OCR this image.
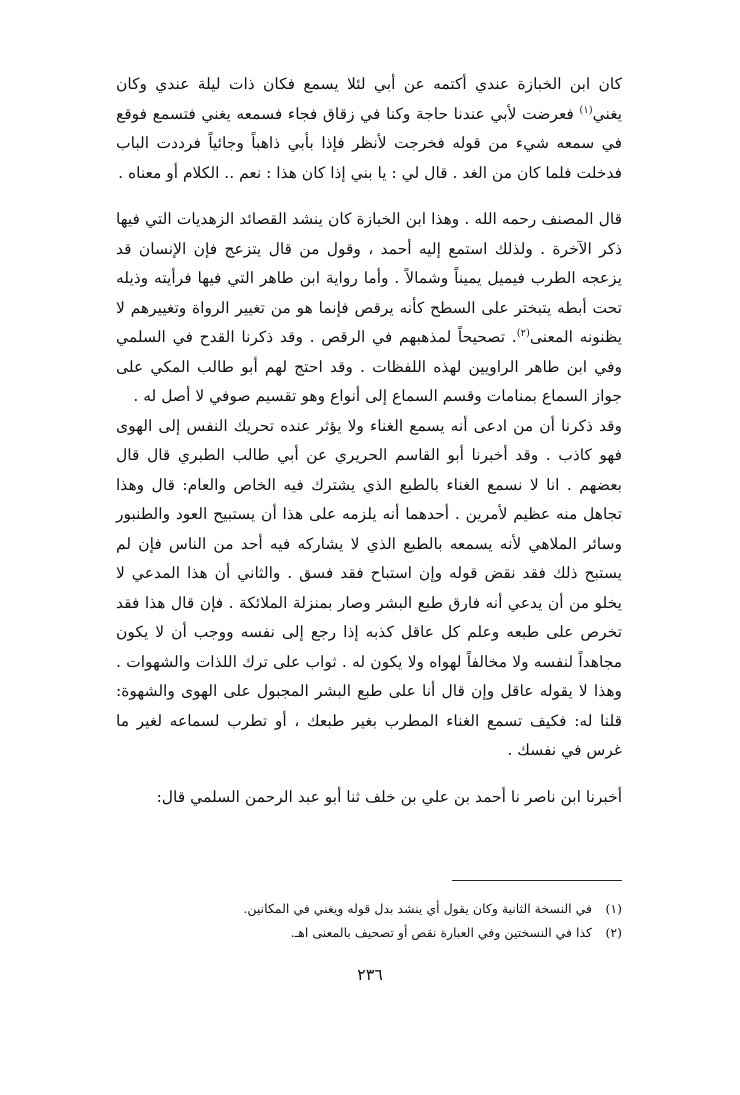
كان ابن الخبازة عندي أكتمه عن أبي لئلا يسمع فكان ذات ليلة عندي وكان يغني$^{(١)}$ فعرضت لأبي عندنا حاجة وكنا في زقاق فجاء فسمعه يغني فتسمع فوقع في سمعه شيء من قوله فخرجت لأنظر فإذا بأبي ذاهباً وجائياً فرددت الباب فدخلت فلما كان من الغد . قال لي : يا بني إذا كان هذا : نعم .. الكلام أو معناه .

قال المصنف رحمه الله . وهذا ابن الخبازة كان ينشد القصائد الزهديات التي فيها ذكر الآخرة . ولذلك استمع إليه أحمد ، وقول من قال يتزعج فإن الإنسان قد يزعجه الطرب فيميل يميناً وشمالاً . وأما رواية ابن طاهر التي فيها فرأيته وذيله تحت أبطه يتبختر على السطح كأنه يرقص فإنما هو من تغيير الرواة وتغييرهم لا يظنونه المعنى$^{(٢)}$. تصحيحاً لمذهبهم في الرقص . وقد ذكرنا القدح في السلمي وفي ابن طاهر الراويين لهذه اللفظات . وقد احتج لهم أبو طالب المكي على جواز السماع بمنامات وقسم السماع إلى أنواع وهو تقسيم صوفي لا أصل له .

وقد ذكرنا أن من ادعى أنه يسمع الغناء ولا يؤثر عنده تحريك النفس إلى الهوى فهو كاذب . وقد أخبرنا أبو القاسم الحريري عن أبي طالب الطبري قال قال بعضهم . انا لا نسمع الغناء بالطبع الذي يشترك فيه الخاص والعام: قال وهذا تجاهل منه عظيم لأمرين . أحدهما أنه يلزمه على هذا أن يستبيح العود والطنبور وسائر الملاهي لأنه يسمعه بالطبع الذي لا يشاركه فيه أحد من الناس فإن لم يستبح ذلك فقد نقض قوله وإن استباح فقد فسق . والثاني أن هذا المدعي لا يخلو من أن يدعي أنه فارق طبع البشر وصار بمنزلة الملائكة . فإن قال هذا فقد تخرص على طبعه وعلم كل عاقل كذبه إذا رجع إلى نفسه ووجب أن لا يكون مجاهداً لنفسه ولا مخالفاً لهواه ولا يكون له . ثواب على ترك اللذات والشهوات . وهذا لا يقوله عاقل وإن قال أنا على طبع البشر المجبول على الهوى والشهوة: قلنا له: فكيف تسمع الغناء المطرب بغير طبعك ، أو تطرب لسماعه لغير ما غرس في نفسك .

أخبرنا ابن ناصر نا أحمد بن علي بن خلف ثنا أبو عبد الرحمن السلمي قال:

(١)
في النسخة الثانية وكان يقول أي ينشد بدل قوله ويغني في المكانين.
(٢)
كذا في النسختين وفي العبارة نقص أو تصحيف بالمعنى اهـ.
٢٣٦
